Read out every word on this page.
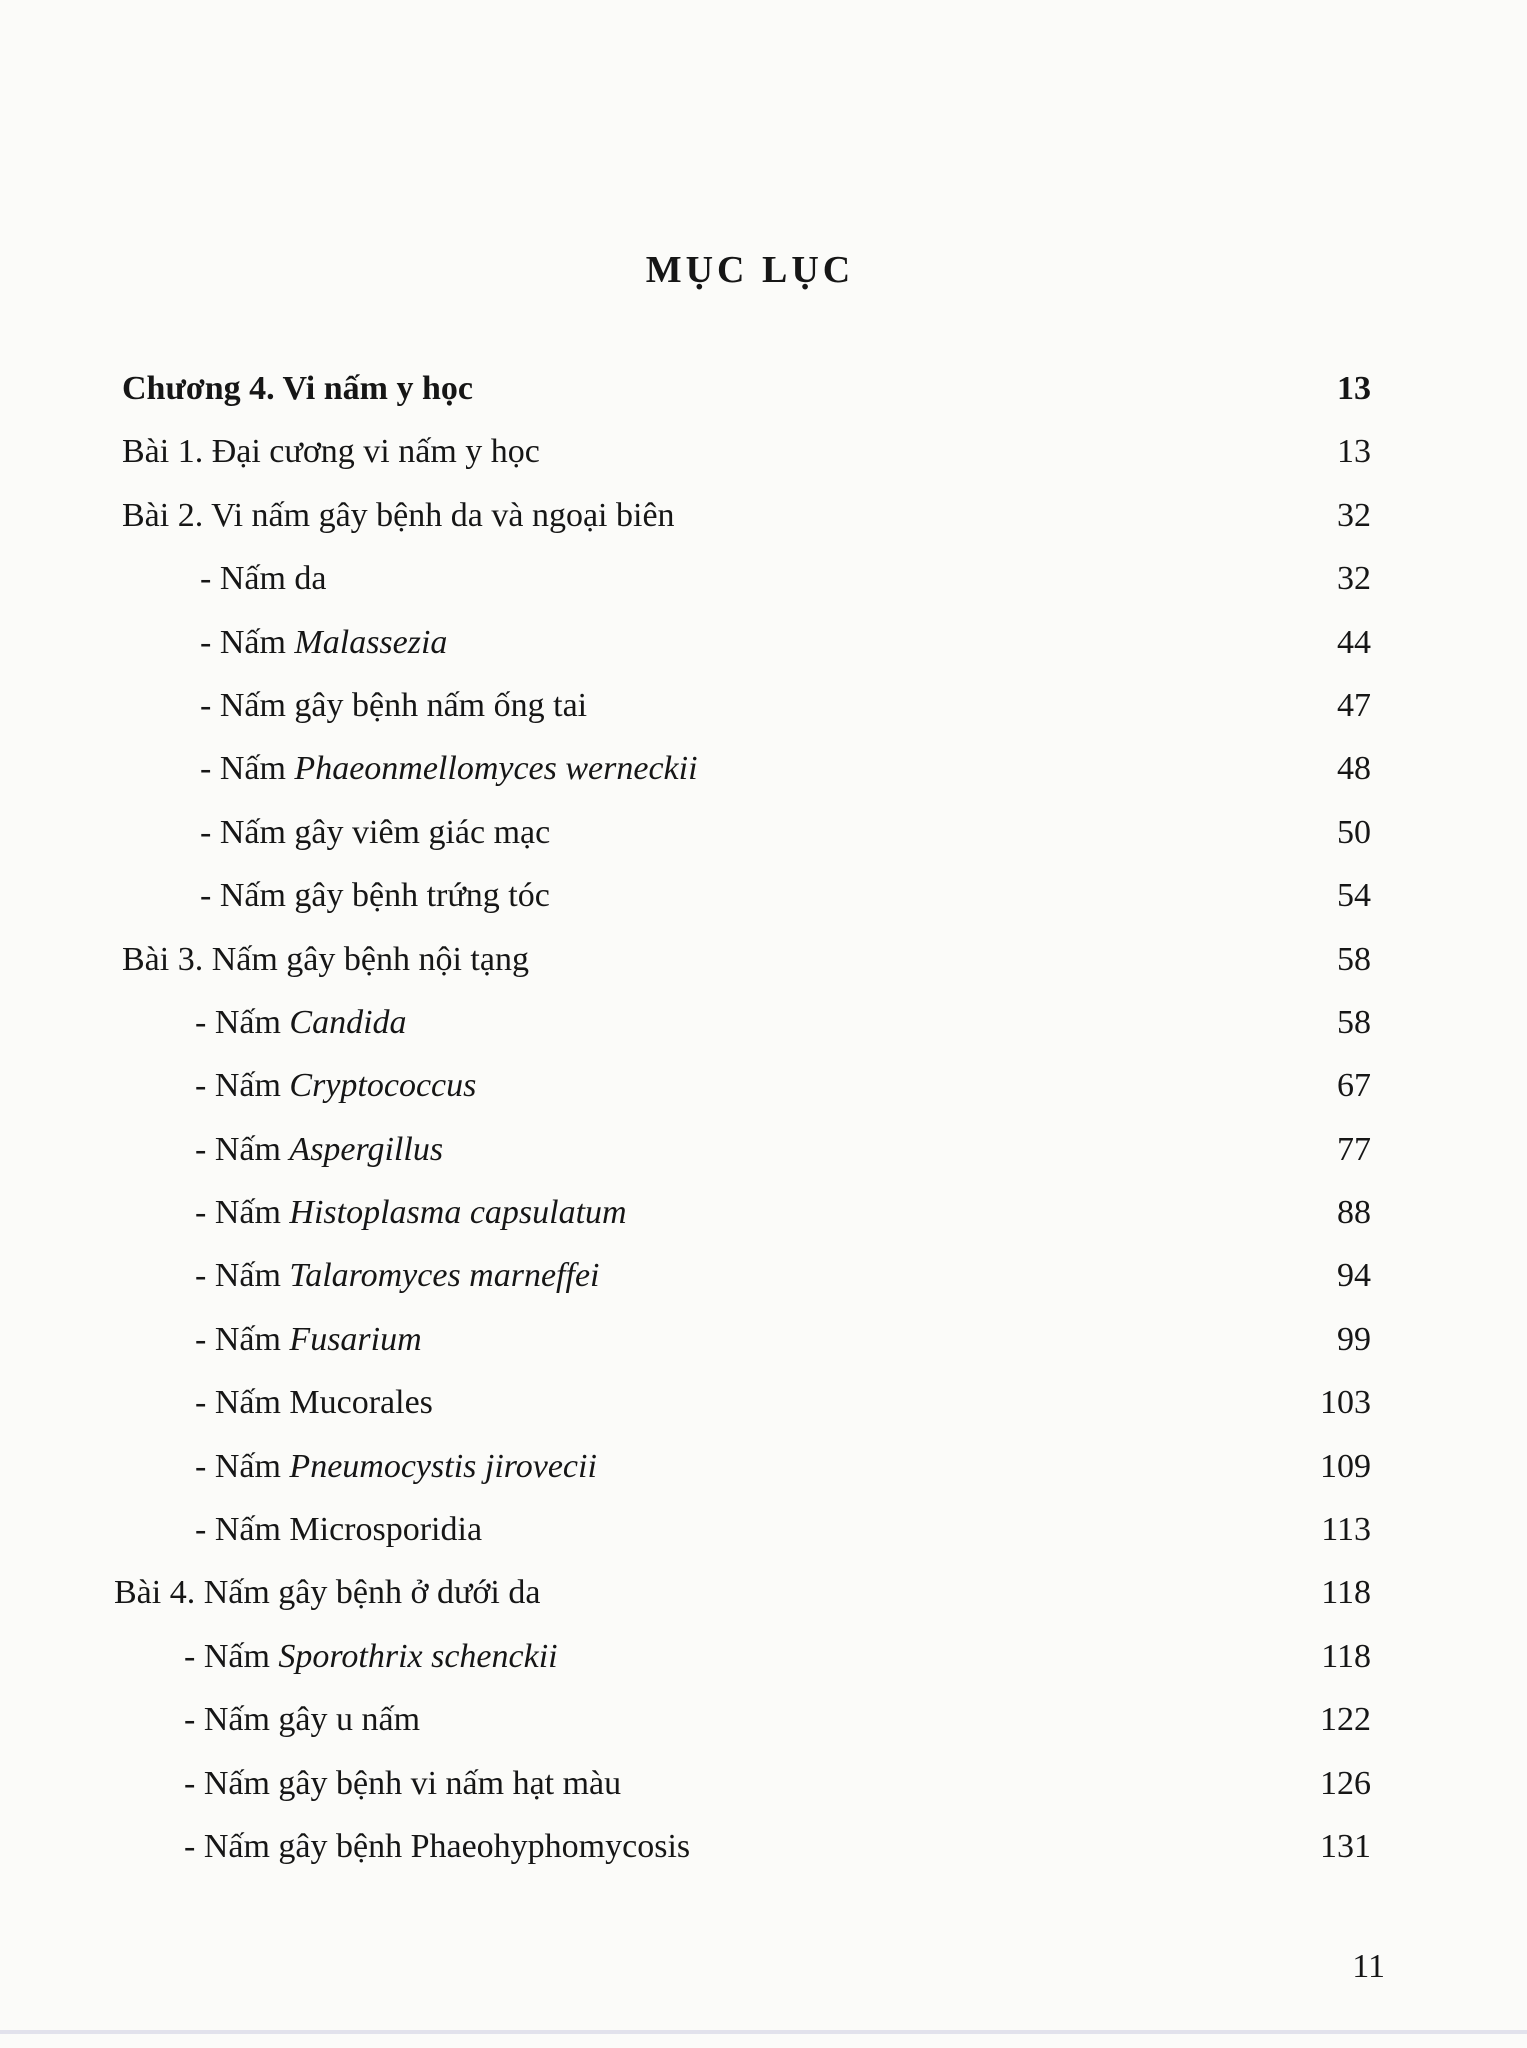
MỤC LỤC
Chương 4. Vi nấm y học	13
Bài 1. Đại cương vi nấm y học	13
Bài 2. Vi nấm gây bệnh da và ngoại biên	32
- Nấm da	32
- Nấm Malassezia	44
- Nấm gây bệnh nấm ống tai	47
- Nấm Phaeonmellomyces werneckii	48
- Nấm gây viêm giác mạc	50
- Nấm gây bệnh trứng tóc	54
Bài 3. Nấm gây bệnh nội tạng	58
- Nấm Candida	58
- Nấm Cryptococcus	67
- Nấm Aspergillus	77
- Nấm Histoplasma capsulatum	88
- Nấm Talaromyces marneffei	94
- Nấm Fusarium	99
- Nấm Mucorales	103
- Nấm Pneumocystis jirovecii	109
- Nấm Microsporidia	113
Bài 4. Nấm gây bệnh ở dưới da	118
- Nấm Sporothrix schenckii	118
- Nấm gây u nấm	122
- Nấm gây bệnh vi nấm hạt màu	126
- Nấm gây bệnh Phaeohyphomycosis	131
11
